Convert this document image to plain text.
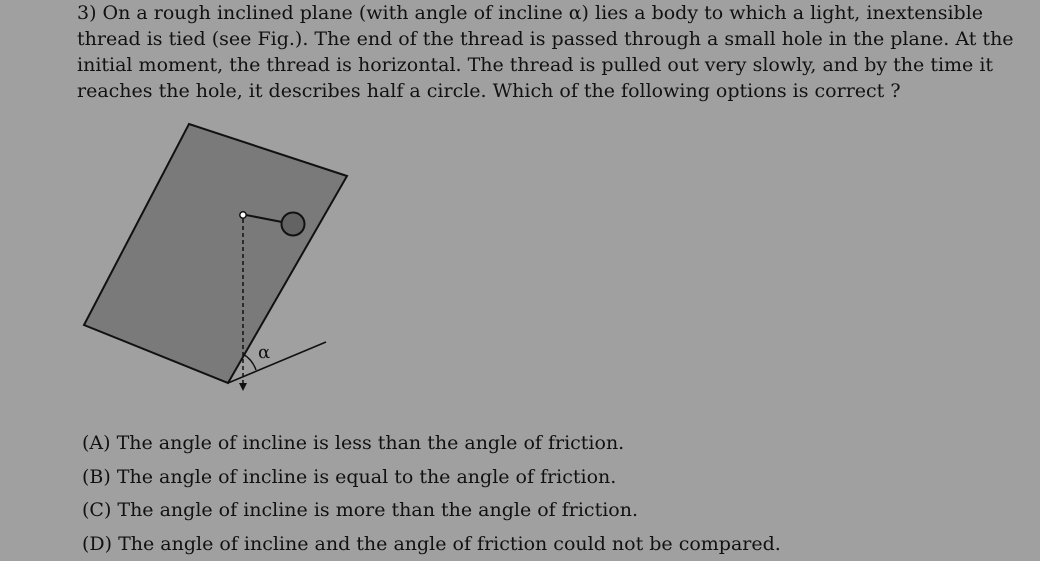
3) On a rough inclined plane (with angle of incline α) lies a body to which a light, inextensible thread is tied (see Fig.). The end of the thread is passed through a small hole in the plane. At the initial moment, the thread is horizontal. The thread is pulled out very slowly, and by the time it reaches the hole, it describes half a circle. Which of the following options is correct ?

α
(A) The angle of incline is less than the angle of friction.
(B) The angle of incline is equal to the angle of friction.
(C) The angle of incline is more than the angle of friction.
(D) The angle of incline and the angle of friction could not be compared.
